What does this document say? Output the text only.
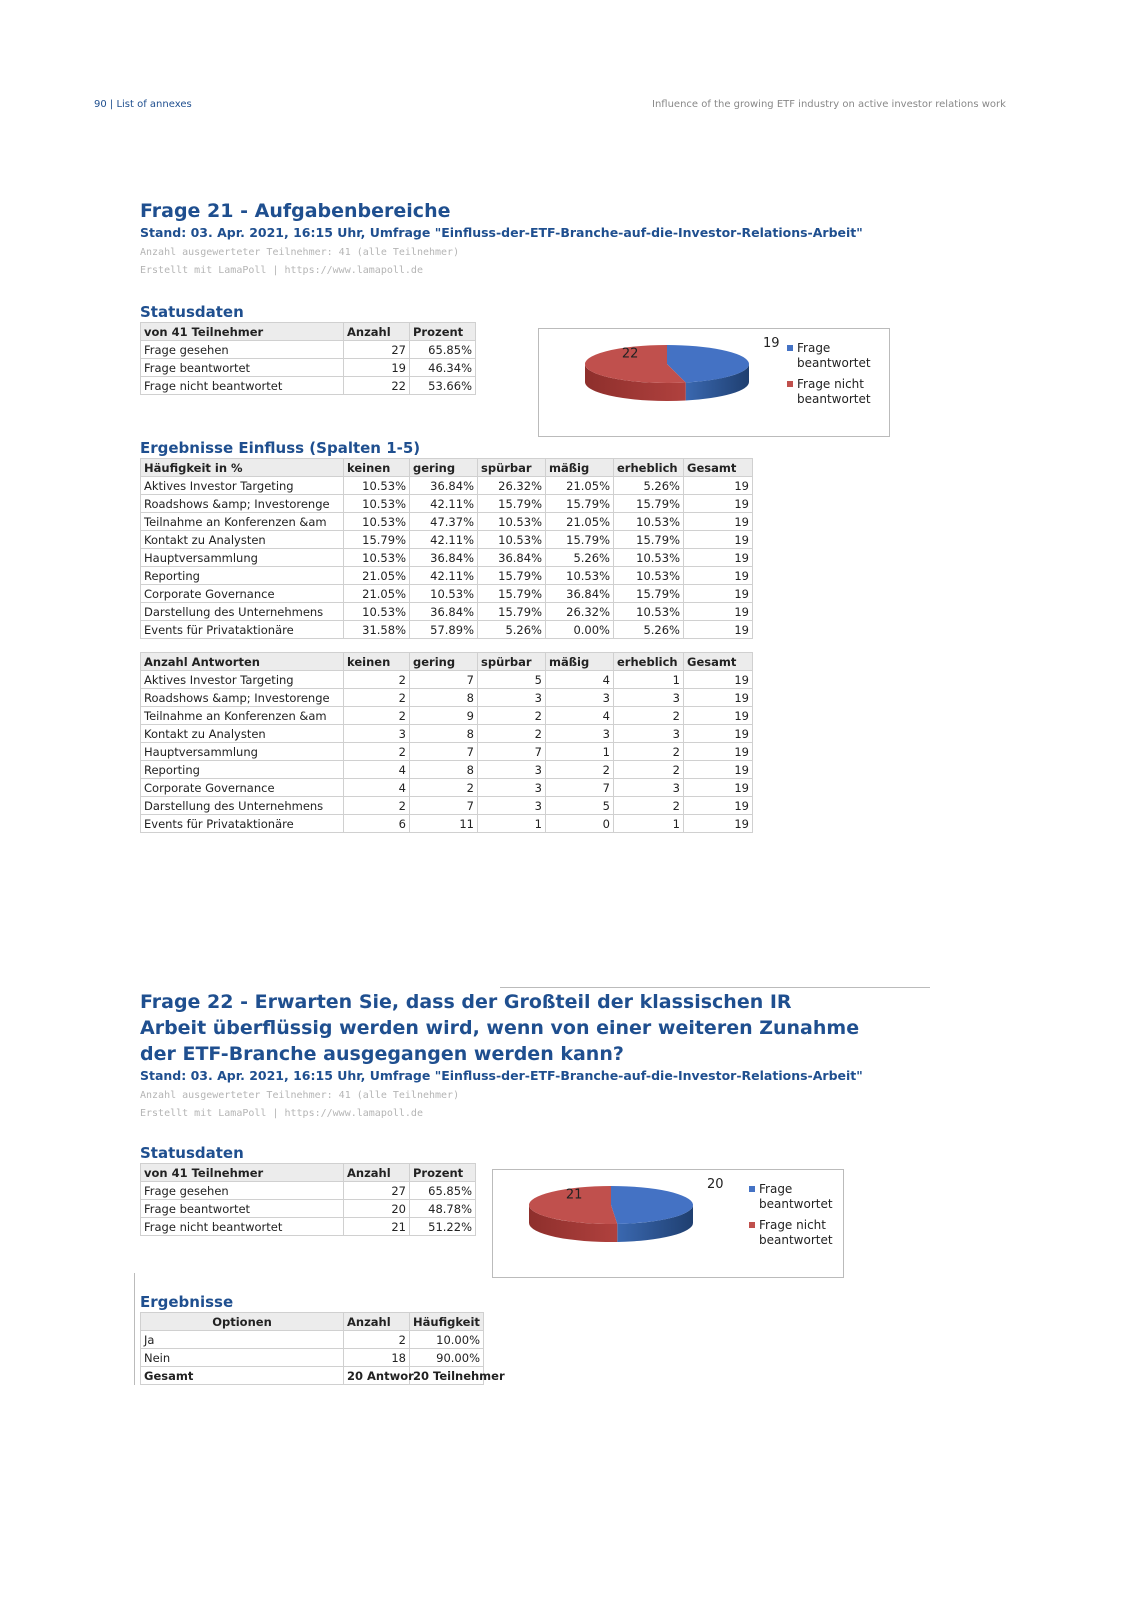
90 | List of annexes	Influence of the growing ETF industry on active investor relations work
Frage 21 - Aufgabenbereiche
Stand: 03. Apr. 2021, 16:15 Uhr, Umfrage "Einfluss-der-ETF-Branche-auf-die-Investor-Relations-Arbeit"
Anzahl ausgewerteter Teilnehmer: 41 (alle Teilnehmer)
Erstellt mit LamaPoll | https://www.lamapoll.de
Statusdaten
von 41 Teilnehmer	Anzahl	Prozent
Frage gesehen	27	65.85%
Frage beantwortet	19	46.34%
Frage nicht beantwortet	22	53.66%
19
22	Frage beantwortet
Frage nicht beantwortet
Ergebnisse Einfluss (Spalten 1-5)
Häufigkeit in %	keinen	gering	spürbar	mäßig	erheblich	Gesamt
Aktives Investor Targeting	10.53%	36.84%	26.32%	21.05%	5.26%	19
Roadshows &amp; Investorenge	10.53%	42.11%	15.79%	15.79%	15.79%	19
Teilnahme an Konferenzen &am	10.53%	47.37%	10.53%	21.05%	10.53%	19
Kontakt zu Analysten	15.79%	42.11%	10.53%	15.79%	15.79%	19
Hauptversammlung	10.53%	36.84%	36.84%	5.26%	10.53%	19
Reporting	21.05%	42.11%	15.79%	10.53%	10.53%	19
Corporate Governance	21.05%	10.53%	15.79%	36.84%	15.79%	19
Darstellung des Unternehmens	10.53%	36.84%	15.79%	26.32%	10.53%	19
Events für Privataktionäre	31.58%	57.89%	5.26%	0.00%	5.26%	19
Anzahl Antworten	keinen	gering	spürbar	mäßig	erheblich	Gesamt
Aktives Investor Targeting	2	7	5	4	1	19
Roadshows &amp; Investorenge	2	8	3	3	3	19
Teilnahme an Konferenzen &am	2	9	2	4	2	19
Kontakt zu Analysten	3	8	2	3	3	19
Hauptversammlung	2	7	7	1	2	19
Reporting	4	8	3	2	2	19
Corporate Governance	4	2	3	7	3	19
Darstellung des Unternehmens	2	7	3	5	2	19
Events für Privataktionäre	6	11	1	0	1	19
Frage 22 - Erwarten Sie, dass der Großteil der klassischen IR
Arbeit überflüssig werden wird, wenn von einer weiteren Zunahme
der ETF-Branche ausgegangen werden kann?
Stand: 03. Apr. 2021, 16:15 Uhr, Umfrage "Einfluss-der-ETF-Branche-auf-die-Investor-Relations-Arbeit"
Anzahl ausgewerteter Teilnehmer: 41 (alle Teilnehmer)
Erstellt mit LamaPoll | https://www.lamapoll.de
Statusdaten
von 41 Teilnehmer	Anzahl	Prozent
Frage gesehen	27	65.85%
Frage beantwortet	20	48.78%
Frage nicht beantwortet	21	51.22%
20
21	Frage beantwortet
Frage nicht beantwortet
Ergebnisse
Optionen	Anzahl	Häufigkeit
Ja	2	10.00%
Nein	18	90.00%
Gesamt	20 Antwor	20 Teilnehmer
